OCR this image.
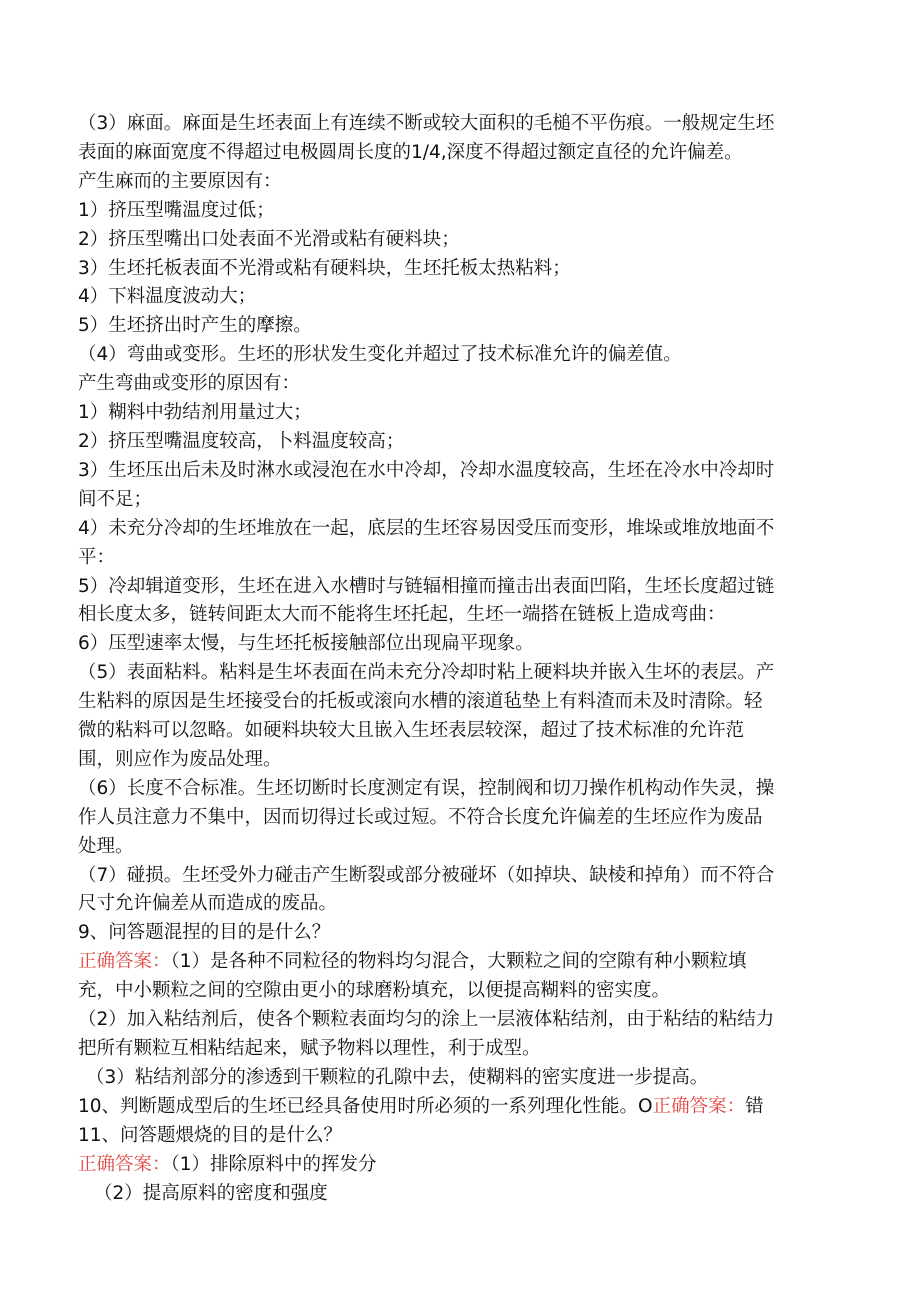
（3）麻面。麻面是生坯表面上有连续不断或较大面积的毛槌不平伤痕。一般规定生坯
表面的麻面宽度不得超过电极圆周长度的1/4,深度不得超过额定直径的允许偏差。
产生麻而的主要原因有：
1）挤压型嘴温度过低；
2）挤压型嘴出口处表面不光滑或粘有硬料块；
3）生坯托板表面不光滑或粘有硬料块，生坯托板太热粘料；
4）下料温度波动大；
5）生坯挤出时产生的摩擦。
（4）弯曲或变形。生坯的形状发生变化并超过了技术标准允许的偏差值。
产生弯曲或变形的原因有：
1）糊料中勃结剂用量过大；
2）挤压型嘴温度较高，卜料温度较高；
3）生坯压出后未及时淋水或浸泡在水中冷却，冷却水温度较高，生坯在冷水中冷却时
间不足；
4）未充分冷却的生坯堆放在一起，底层的生坯容易因受压而变形，堆垛或堆放地面不
平：
5）冷却辑道变形，生坯在进入水槽时与链辐相撞而撞击出表面凹陷，生坯长度超过链
相长度太多，链转间距太大而不能将生坯托起，生坯一端搭在链板上造成弯曲：
6）压型速率太慢，与生坯托板接触部位出现扁平现象。
（5）表面粘料。粘料是生坏表面在尚未充分冷却时粘上硬料块并嵌入生坏的表层。产
生粘料的原因是生坯接受台的托板或滚向水槽的滚道毡垫上有料渣而未及时清除。轻
微的粘料可以忽略。如硬料块较大且嵌入生坯表层较深，超过了技术标准的允许范
围，则应作为废品处理。
（6）长度不合标准。生坯切断时长度测定有误，控制阀和切刀操作机构动作失灵，操
作人员注意力不集中，因而切得过长或过短。不符合长度允许偏差的生坯应作为废品
处理。
（7）碰损。生坯受外力碰击产生断裂或部分被碰坏（如掉块、缺棱和掉角）而不符合
尺寸允许偏差从而造成的废品。
9、问答题混捏的目的是什么？
正确答案：（1）是各种不同粒径的物料均匀混合，大颗粒之间的空隙有种小颗粒填
充，中小颗粒之间的空隙由更小的球磨粉填充，以便提高糊料的密实度。
（2）加入粘结剂后，使各个颗粒表面均匀的涂上一层液体粘结剂，由于粘结的粘结力
把所有颗粒互相粘结起来，赋予物料以理性，利于成型。
（3）粘结剂部分的渗透到干颗粒的孔隙中去，使糊料的密实度进一步提高。
10、判断题成型后的生坯已经具备使用时所必须的一系列理化性能。O正确答案：错
11、问答题煨烧的目的是什么？
正确答案：（1）排除原料中的挥发分
（2）提高原料的密度和强度
